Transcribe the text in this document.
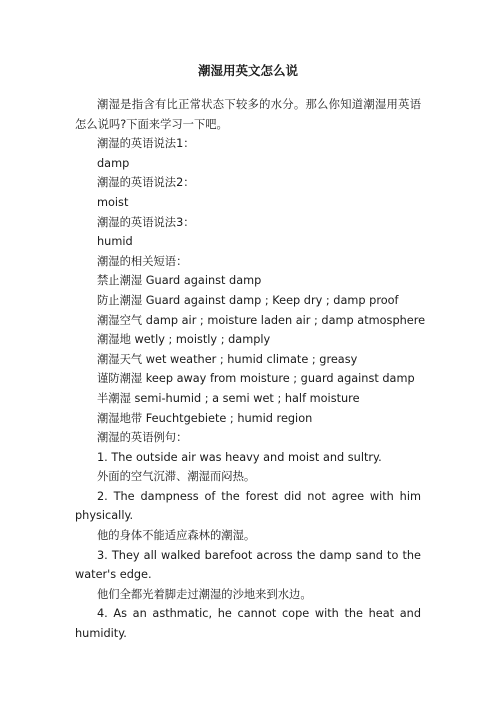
潮湿用英文怎么说

潮湿是指含有比正常状态下较多的水分。那么你知道潮湿用英语怎么说吗?下面来学习一下吧。

潮湿的英语说法1：

damp

潮湿的英语说法2：

moist

潮湿的英语说法3：

humid

潮湿的相关短语：

禁止潮湿 Guard against damp

防止潮湿 Guard against damp ; Keep dry ; damp proof

潮湿空气 damp air ; moisture laden air ; damp atmosphere

潮湿地 wetly ; moistly ; damply

潮湿天气 wet weather ; humid climate ; greasy

谨防潮湿 keep away from moisture ; guard against damp

半潮湿 semi-humid ; a semi wet ; half moisture

潮湿地带 Feuchtgebiete ; humid region

潮湿的英语例句：

1. The outside air was heavy and moist and sultry.

外面的空气沉滞、潮湿而闷热。

2. The dampness of the forest did not agree with him physically.

他的身体不能适应森林的潮湿。

3. They all walked barefoot across the damp sand to the water's edge.

他们全都光着脚走过潮湿的沙地来到水边。

4. As an asthmatic, he cannot cope with the heat and humidity.
